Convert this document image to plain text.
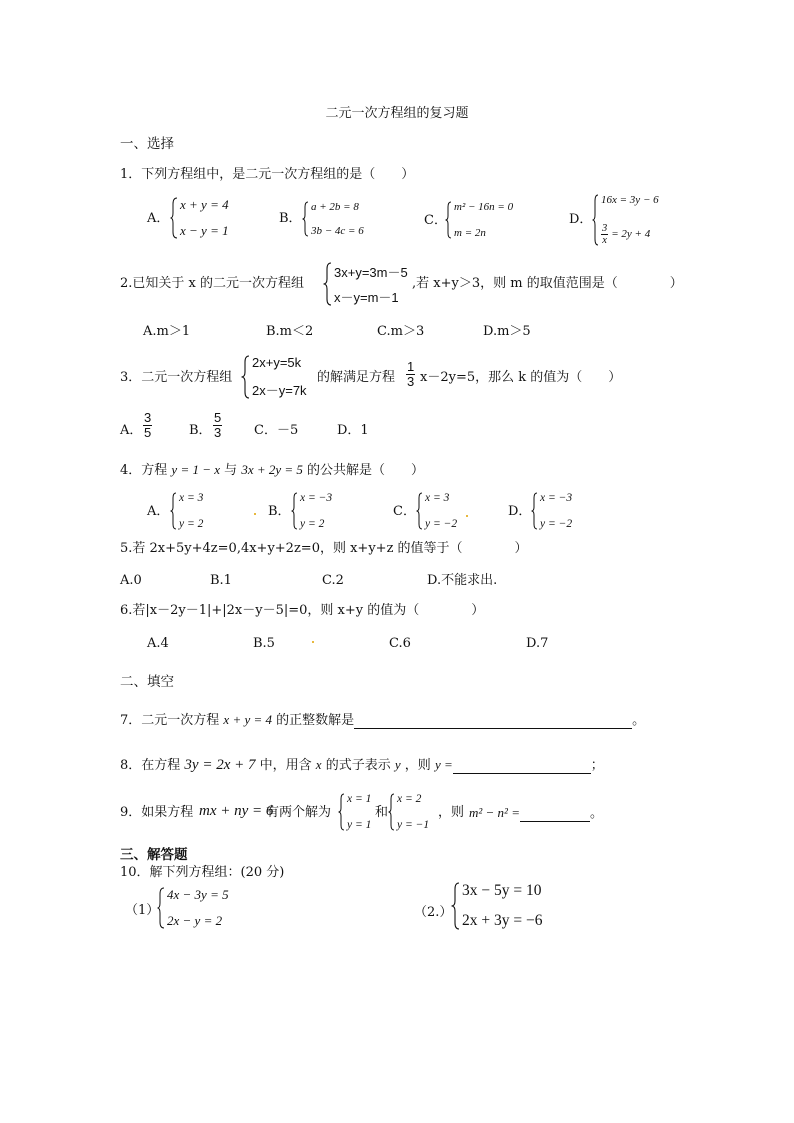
二元一次方程组的复习题
一、选择
1．下列方程组中，是二元一次方程组的是（　　）
A．
x + y = 4
x − y = 1
B．
a + 2b = 8
3b − 4c = 6
C．
m² − 16n = 0
m = 2n
D．
16x = 3y − 6
$\frac{3}{x} = 2y + 4$
2.已知关于 x 的二元一次方程组
3x+y=3m－5
x－y=m－1
,若 x+y＞3，则 m 的取值范围是（　　　　）
A.m＞1	B.m＜2	C.m＞3	D.m＞5
3．二元一次方程组
2x+y=5k
2x－y=7k
的解满足方程 $\frac{1}{3} x-2y=5$，那么 k 的值为（　　）
A． $\frac{3}{5}$	B． $\frac{5}{3}$ C．－5	D．1
4．方程 y = 1 − x 与 3x + 2y = 5 的公共解是（　　）
A．
x = 3
y = 2
B．
x = −3
y = 2
C．
x = 3
y = −2
D．
x = −3
y = −2
5.若 2x+5y+4z=0,4x+y+2z=0，则 x+y+z 的值等于（　　　　）
A.0	B.1	C.2	D.不能求出.
6.若|x－2y－1|+|2x－y－5|=0，则 x+y 的值为（　　　　）
A.4	B.5	C.6	D.7
二、填空
7．二元一次方程 x + y = 4 的正整数解是	。
8．在方程 3y = 2x + 7 中，用含 x 的式子表示 y ，则 y =	；
9．如果方程 mx + ny = 6
有两个解为
x = 1
y = 1
和
x = 2
y = −1
，则 m² − n² =	。
三、解答题
10．解下列方程组：(20 分)
（1）
4x − 3y = 5
2x − y = 2
（2.）
3x − 5y = 10
2x + 3y = −6
